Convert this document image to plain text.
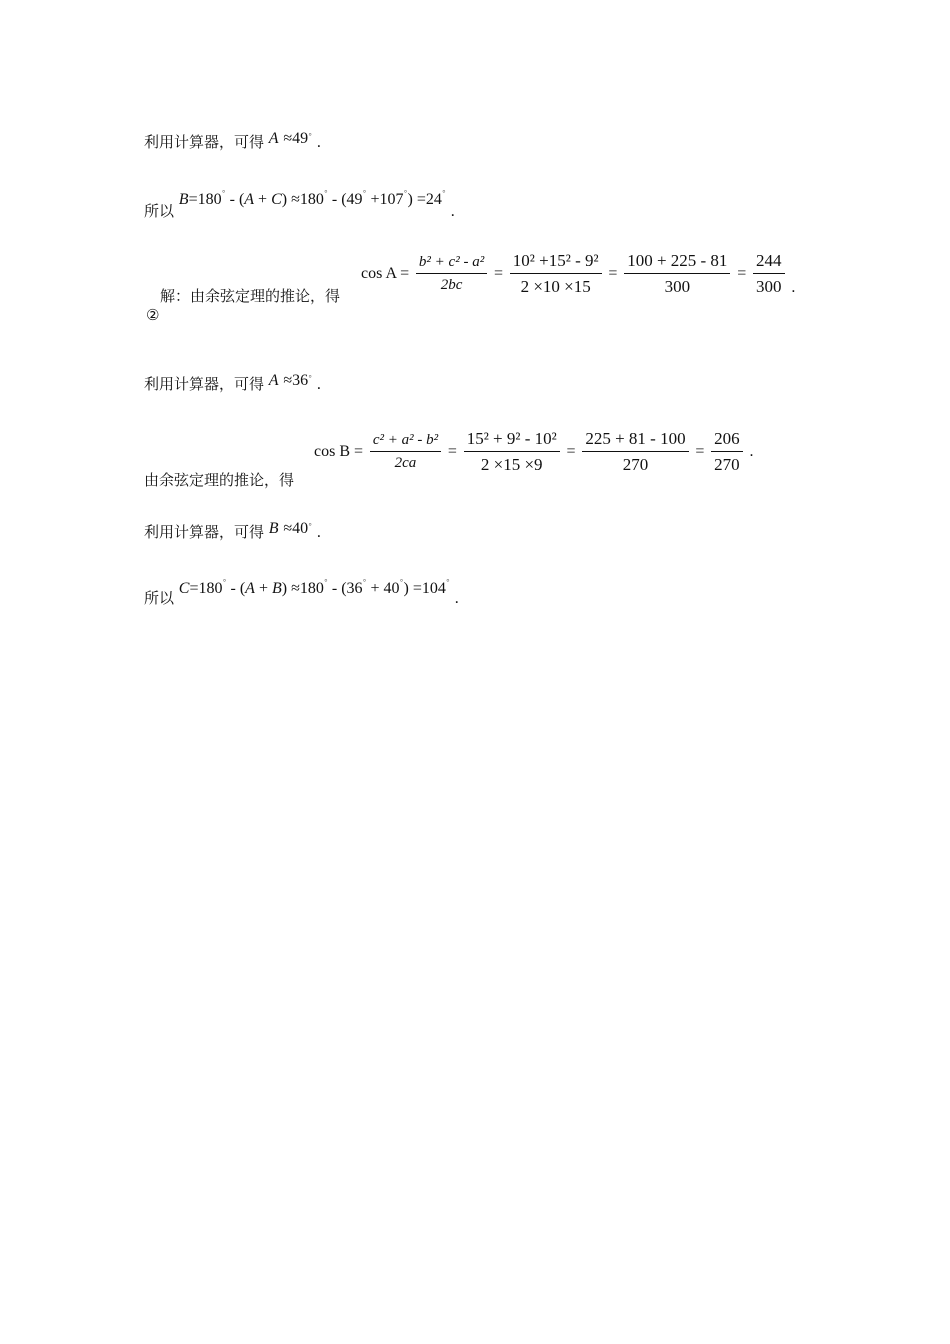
利用计算器，可得 A ≈49° .
所以 B=180° - (A + C) ≈180° - (49° +107°) =24° .
解：由余弦定理的推论，得
②
$\cos A = \frac{\text{b² + c² - a²}}{2bc} = \frac{\text{10² +15² - 9²}}{2 \times 10 \times 15} = \frac{100 + 225 - 81}{300} = \frac{244}{300}$ .
利用计算器，可得 A ≈36° .
由余弦定理的推论，得
$\cos B = \frac{\text{c² + a² - b²}}{2ca} = \frac{\text{15² + 9² - 10²}}{2 \times 15 \times 9} = \frac{225 + 81 - 100}{270} = \frac{206}{270}$ .
利用计算器，可得 B ≈40° .
所以 C=180° - (A + B) ≈180° - (36° + 40°) =104° .
